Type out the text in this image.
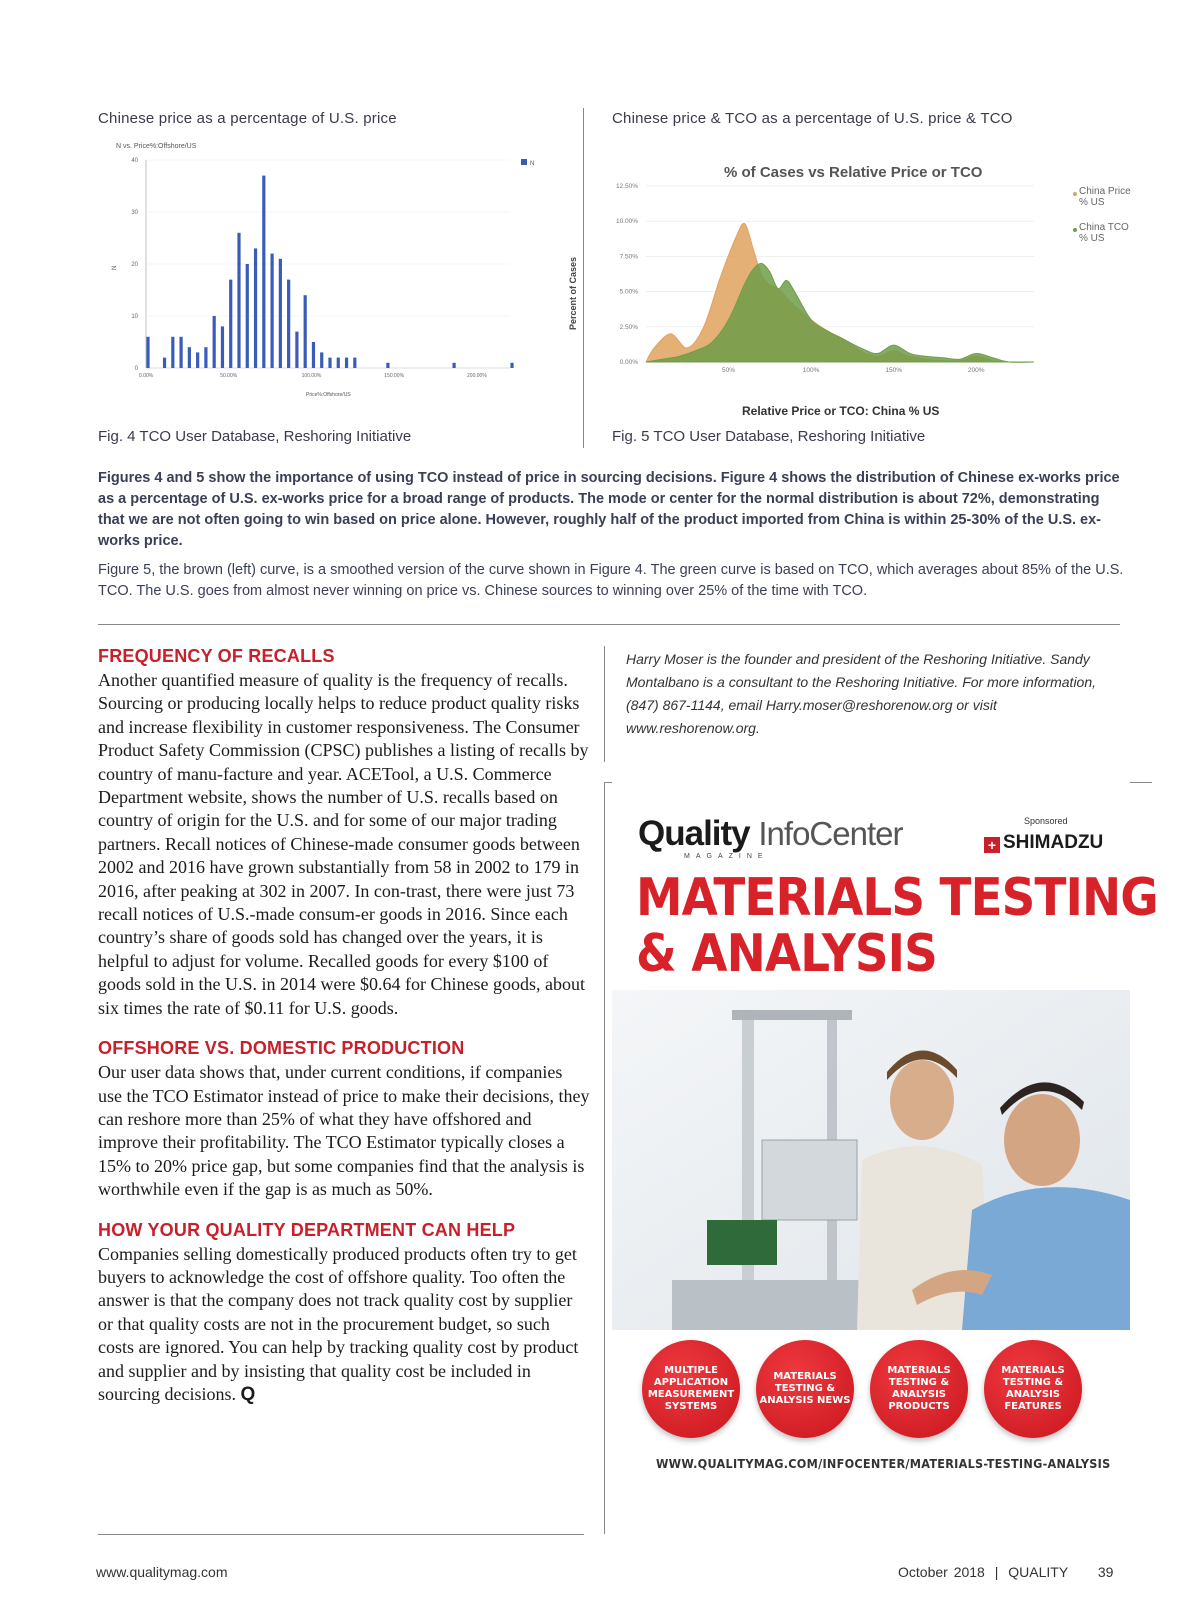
Chinese price as a percentage of U.S. price	Chinese price & TCO as a percentage of U.S. price & TCO
N vs. Price%:Offshore/US
N
N
Price%:Offshore/US
0
10
20
30
40
0.00%	50.00%	100.00%	150.00%	200.00%
% of Cases vs Relative Price or TCO
Percent of Cases
Relative Price or TCO: China % US
0.00%
2.50%
5.00%
7.50%
10.00%
12.50%
50%	100%	150%	200%
China Price % US
China TCO % US
Fig. 4 TCO User Database, Reshoring Initiative	Fig. 5 TCO User Database, Reshoring Initiative

Figures 4 and 5 show the importance of using TCO instead of price in sourcing decisions. Figure 4 shows the distribution of Chinese ex-works price as a percentage of U.S. ex-works price for a broad range of products. The mode or center for the normal distribution is about 72%, demonstrating that we are not often going to win based on price alone. However, roughly half of the product imported from China is within 25-30% of the U.S. ex-works price.

Figure 5, the brown (left) curve, is a smoothed version of the curve shown in Figure 4. The green curve is based on TCO, which averages about 85% of the U.S. TCO. The U.S. goes from almost never winning on price vs. Chinese sources to winning over 25% of the time with TCO.

FREQUENCY OF RECALLS

Another quantified measure of quality is the frequency of recalls. Sourcing or producing locally helps to reduce product quality risks and increase flexibility in customer responsiveness. The Consumer Product Safety Commission (CPSC) publishes a listing of recalls by country of manu-facture and year. ACETool, a U.S. Commerce Department website, shows the number of U.S. recalls based on country of origin for the U.S. and for some of our major trading partners. Recall notices of Chinese-made consumer goods between 2002 and 2016 have grown substantially from 58 in 2002 to 179 in 2016, after peaking at 302 in 2007. In con-trast, there were just 73 recall notices of U.S.-made consum-er goods in 2016. Since each country’s share of goods sold has changed over the years, it is helpful to adjust for volume. Recalled goods for every $100 of goods sold in the U.S. in 2014 were $0.64 for Chinese goods, about six times the rate of $0.11 for U.S. goods.

OFFSHORE VS. DOMESTIC PRODUCTION

Our user data shows that, under current conditions, if companies use the TCO Estimator instead of price to make their decisions, they can reshore more than 25% of what they have offshored and improve their profitability. The TCO Estimator typically closes a 15% to 20% price gap, but some companies find that the analysis is worthwhile even if the gap is as much as 50%.

HOW YOUR QUALITY DEPARTMENT CAN HELP

Companies selling domestically produced products often try to get buyers to acknowledge the cost of offshore quality. Too often the answer is that the company does not track quality cost by supplier or that quality costs are not in the procurement budget, so such costs are ignored. You can help by tracking quality cost by product and supplier and by insisting that quality cost be included in sourcing decisions. Q

Harry Moser is the founder and president of the Reshoring Initiative. Sandy Montalbano is a consultant to the Reshoring Initiative. For more information, (847) 867-1144, email Harry.moser@reshorenow.org or visit www.reshorenow.org.
Quality InfoCenter
MAGAZINE
Sponsored
+ SHIMADZU
MATERIALS TESTING
& ANALYSIS
MULTIPLE APPLICATION MEASUREMENT SYSTEMS
MATERIALS TESTING & ANALYSIS NEWS
MATERIALS TESTING & ANALYSIS PRODUCTS
MATERIALS TESTING & ANALYSIS FEATURES
WWW.QUALITYMAG.COM/INFOCENTER/MATERIALS-TESTING-ANALYSIS
www.qualitymag.com	October 2018 | QUALITY 39
